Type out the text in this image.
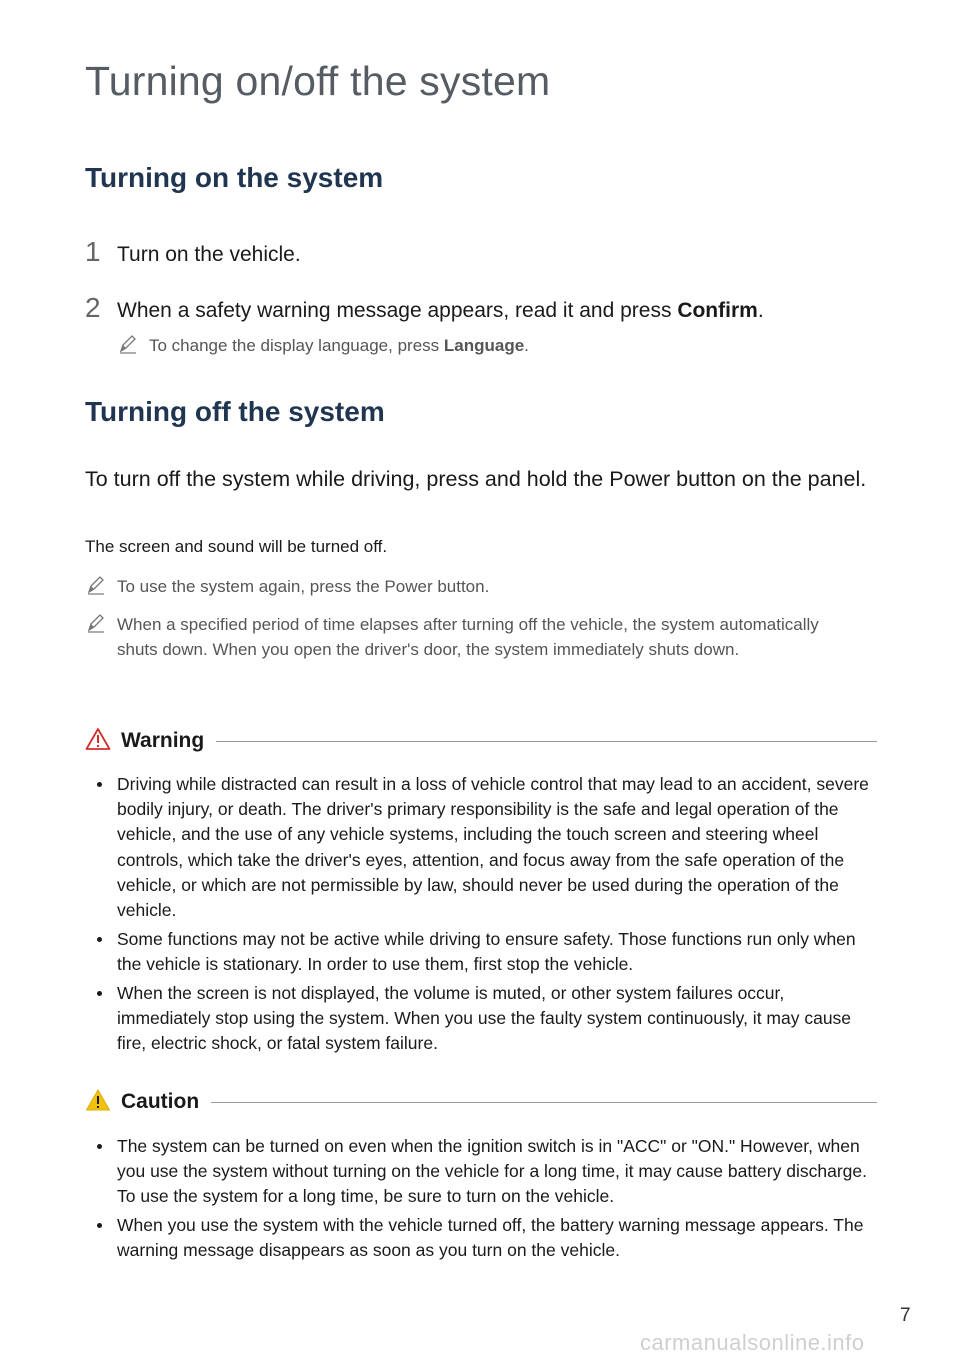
Turning on/off the system
Turning on the system
1 Turn on the vehicle.
2 When a safety warning message appears, read it and press Confirm.
To change the display language, press Language.
Turning off the system

To turn off the system while driving, press and hold the Power button on the panel.

The screen and sound will be turned off.

To use the system again, press the Power button.
When a specified period of time elapses after turning off the vehicle, the system automatically shuts down. When you open the driver's door, the system immediately shuts down.
Warning
Driving while distracted can result in a loss of vehicle control that may lead to an accident, severe bodily injury, or death. The driver's primary responsibility is the safe and legal operation of the vehicle, and the use of any vehicle systems, including the touch screen and steering wheel controls, which take the driver's eyes, attention, and focus away from the safe operation of the vehicle, or which are not permissible by law, should never be used during the operation of the vehicle.
Some functions may not be active while driving to ensure safety. Those functions run only when the vehicle is stationary. In order to use them, first stop the vehicle.
When the screen is not displayed, the volume is muted, or other system failures occur, immediately stop using the system. When you use the faulty system continuously, it may cause fire, electric shock, or fatal system failure.
Caution
The system can be turned on even when the ignition switch is in "ACC" or "ON." However, when you use the system without turning on the vehicle for a long time, it may cause battery discharge. To use the system for a long time, be sure to turn on the vehicle.
When you use the system with the vehicle turned off, the battery warning message appears. The warning message disappears as soon as you turn on the vehicle.
7
carmanualsonline.info
